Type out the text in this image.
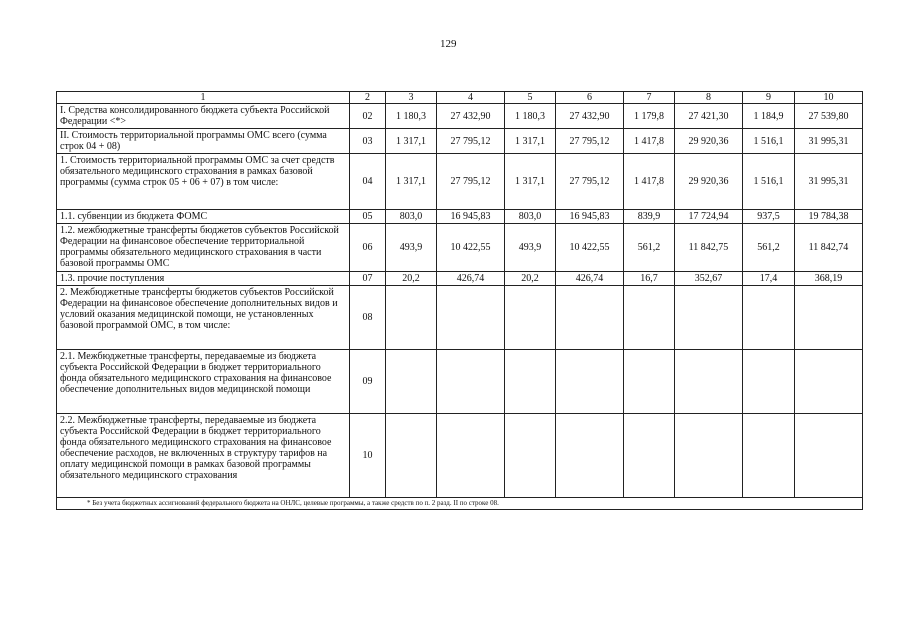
129
1	2	3	4	5	6	7	8	9	10
I. Средства консолидированного бюджета субъекта Российской Федерации <*>	02	1 180,3	27 432,90	1 180,3	27 432,90	1 179,8	27 421,30	1 184,9	27 539,80
II. Стоимость территориальной программы ОМС всего (сумма строк 04 + 08)	03	1 317,1	27 795,12	1 317,1	27 795,12	1 417,8	29 920,36	1 516,1	31 995,31
1. Стоимость территориальной программы ОМС за счет средств обязательного медицинского страхования в рамках базовой программы (сумма строк 05 + 06 + 07) в том числе:	04	1 317,1	27 795,12	1 317,1	27 795,12	1 417,8	29 920,36	1 516,1	31 995,31
1.1. субвенции из бюджета ФОМС	05	803,0	16 945,83	803,0	16 945,83	839,9	17 724,94	937,5	19 784,38
1.2. межбюджетные трансферты бюджетов субъектов Российской Федерации на финансовое обеспечение территориальной программы обязательного медицинского страхования в части базовой программы ОМС	06	493,9	10 422,55	493,9	10 422,55	561,2	11 842,75	561,2	11 842,74
1.3. прочие поступления	07	20,2	426,74	20,2	426,74	16,7	352,67	17,4	368,19
2. Межбюджетные трансферты бюджетов субъектов Российской Федерации на финансовое обеспечение дополнительных видов и условий оказания медицинской помощи, не установленных базовой программой ОМС, в том числе:	08								
2.1. Межбюджетные трансферты, передаваемые из бюджета субъекта Российской Федерации в бюджет территориального фонда обязательного медицинского страхования на финансовое обеспечение дополнительных видов медицинской помощи	09								
2.2. Межбюджетные трансферты, передаваемые из бюджета субъекта Российской Федерации в бюджет территориального фонда обязательного медицинского страхования на финансовое обеспечение расходов, не включенных в структуру тарифов на оплату медицинской помощи в рамках базовой программы обязательного медицинского страхования	10								
* Без учета бюджетных ассигнований федерального бюджета на ОНЛС, целевые программы, а также средств по п. 2 разд. II по строке 08.									
